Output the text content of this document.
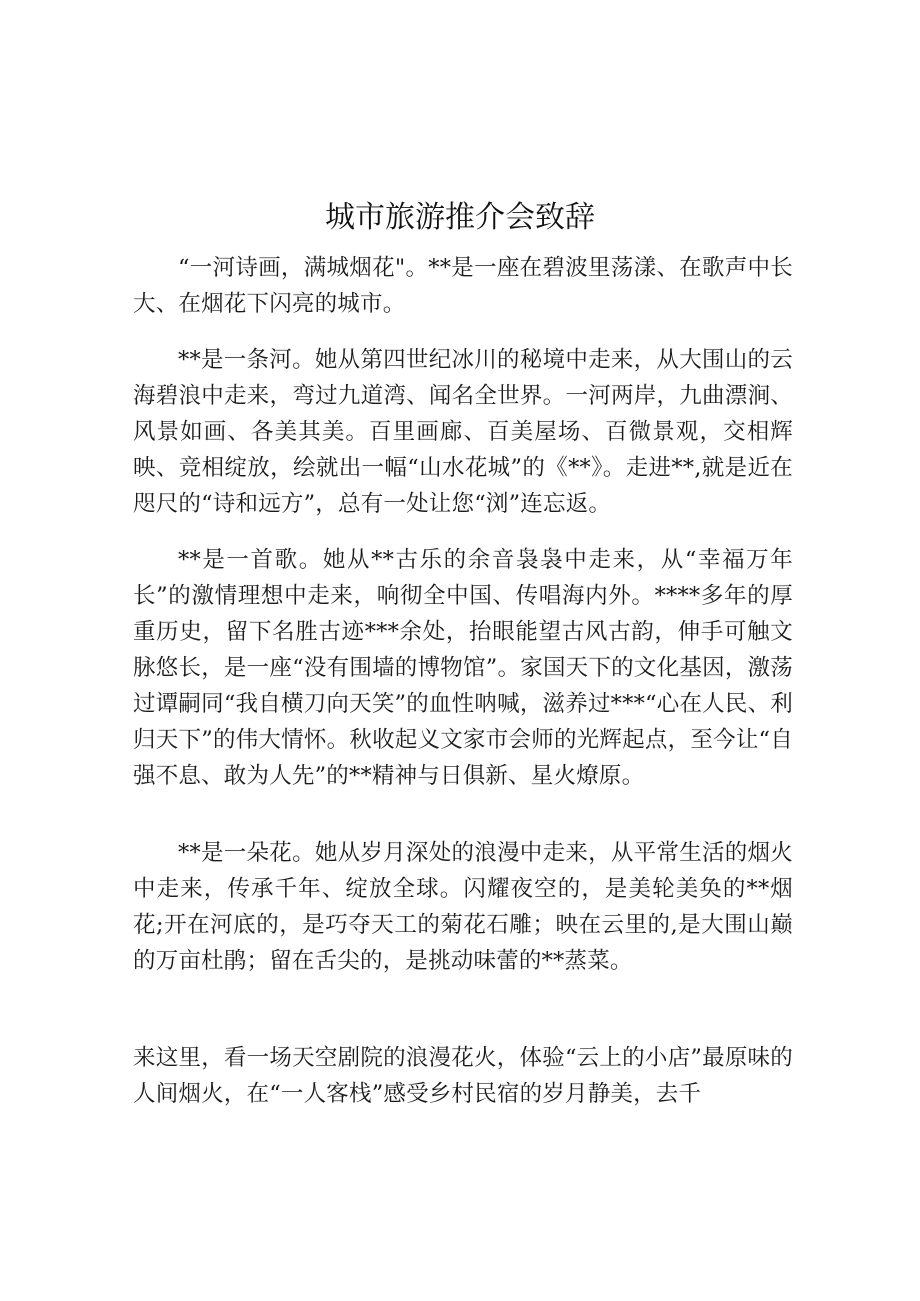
城市旅游推介会致辞

“一河诗画，满城烟花"。**是一座在碧波里荡漾、在歌声中长大、在烟花下闪亮的城市。

**是一条河。她从第四世纪冰川的秘境中走来，从大围山的云海碧浪中走来，弯过九道湾、闻名全世界。一河两岸，九曲漂涧、风景如画、各美其美。百里画廊、百美屋场、百微景观，交相辉映、竞相绽放，绘就出一幅“山水花城”的《**》。走进**,就是近在咫尺的“诗和远方”，总有一处让您“浏”连忘返。

**是一首歌。她从**古乐的余音袅袅中走来，从“幸福万年长”的激情理想中走来，响彻全中国、传唱海内外。****多年的厚重历史，留下名胜古迹***余处，抬眼能望古风古韵，伸手可触文脉悠长，是一座“没有围墙的博物馆”。家国天下的文化基因，激荡过谭嗣同“我自横刀向天笑”的血性呐喊，滋养过***“心在人民、利归天下”的伟大情怀。秋收起义文家市会师的光辉起点，至今让“自强不息、敢为人先”的**精神与日俱新、星火燎原。

**是一朵花。她从岁月深处的浪漫中走来，从平常生活的烟火中走来，传承千年、绽放全球。闪耀夜空的，是美轮美奂的**烟花;开在河底的，是巧夺天工的菊花石雕；映在云里的,是大围山巅的万亩杜鹃；留在舌尖的，是挑动味蕾的**蒸菜。

来这里，看一场天空剧院的浪漫花火，体验“云上的小店”最原味的人间烟火，在“一人客栈”感受乡村民宿的岁月静美，去千
